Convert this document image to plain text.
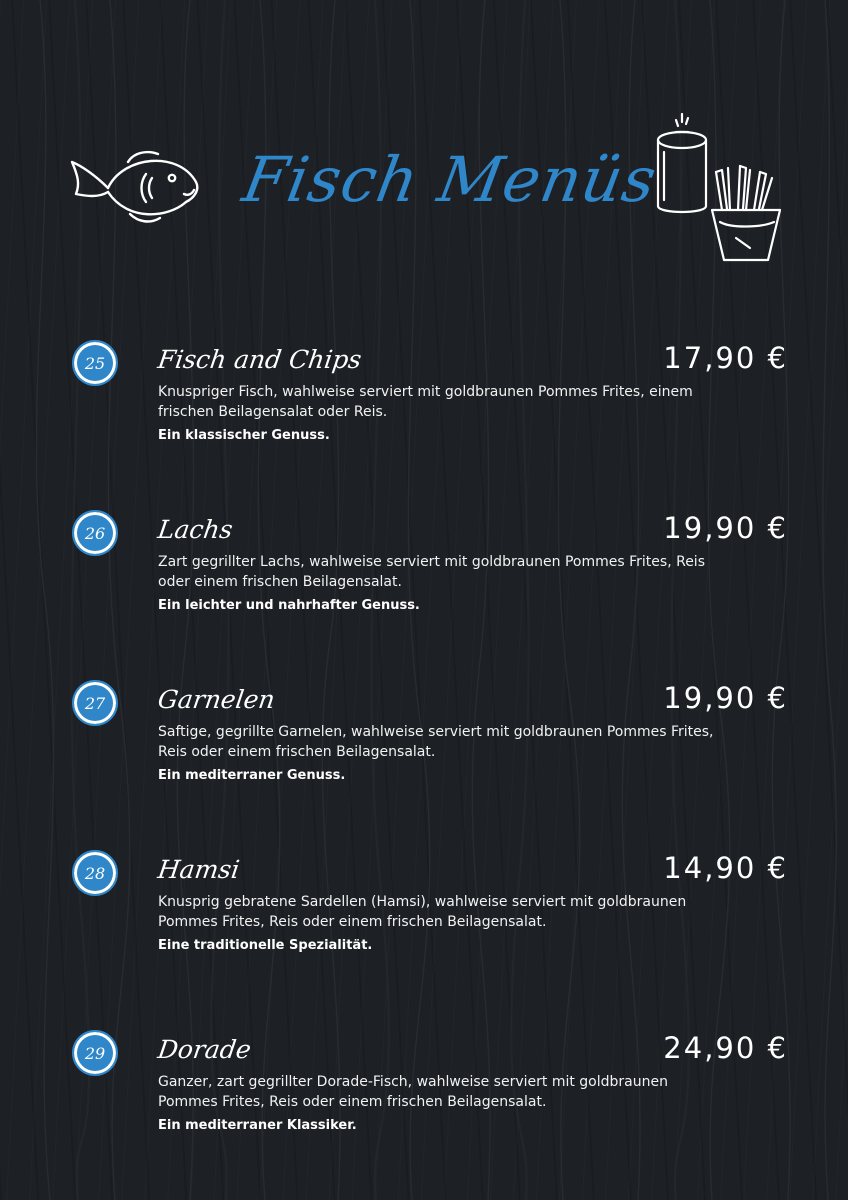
Fisch Menüs
25	Fisch and Chips	17,90 €
Knuspriger Fisch, wahlweise serviert mit goldbraunen Pommes Frites, einem frischen Beilagensalat oder Reis.
Ein klassischer Genuss.
26	Lachs	19,90 €
Zart gegrillter Lachs, wahlweise serviert mit goldbraunen Pommes Frites, Reis oder einem frischen Beilagensalat.
Ein leichter und nahrhafter Genuss.
27	Garnelen	19,90 €
Saftige, gegrillte Garnelen, wahlweise serviert mit goldbraunen Pommes Frites, Reis oder einem frischen Beilagensalat.
Ein mediterraner Genuss.
28	Hamsi	14,90 €
Knusprig gebratene Sardellen (Hamsi), wahlweise serviert mit goldbraunen Pommes Frites, Reis oder einem frischen Beilagensalat.
Eine traditionelle Spezialität.
29	Dorade	24,90 €
Ganzer, zart gegrillter Dorade-Fisch, wahlweise serviert mit goldbraunen Pommes Frites, Reis oder einem frischen Beilagensalat.
Ein mediterraner Klassiker.
